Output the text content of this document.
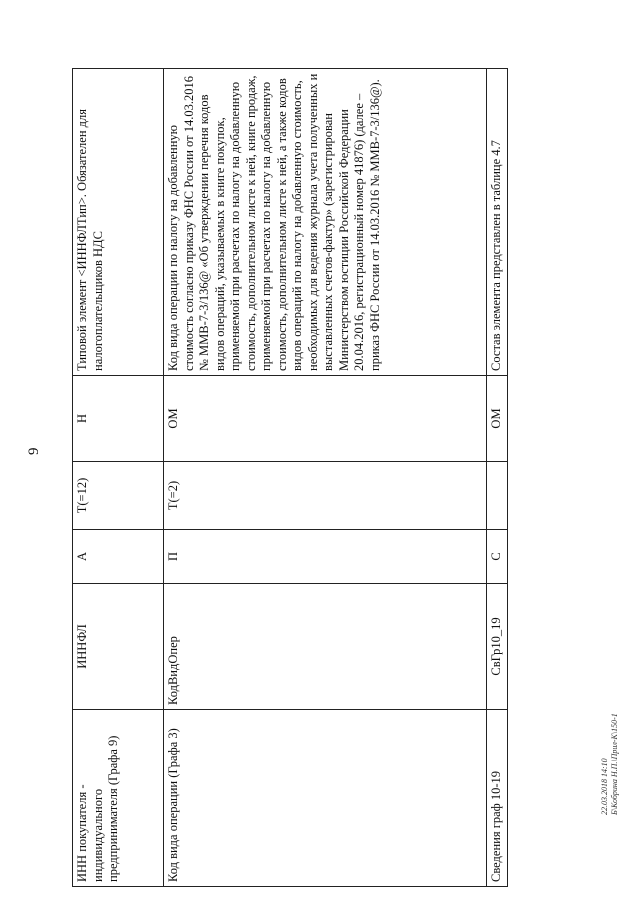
9
ИНН покупателя - индивидуального предпринимателя (Графа 9)	ИННФЛ	А	T(=12)	Н	Типовой элемент <ИННФЛТип>. Обязателен для налогоплательщиков НДС
Код вида операции (Графа 3)	КодВидОпер	П	T(=2)	ОМ	Код вида операции по налогу на добавленную стоимость согласно приказу ФНС России от 14.03.2016 № ММВ-7-3/136@ «Об утверждении перечня кодов видов операций, указываемых в книге покупок, применяемой при расчетах по налогу на добавленную стоимость, дополнительном листе к ней, книге продаж, применяемой при расчетах по налогу на добавленную стоимость, дополнительном листе к ней, а также кодов видов операций по налогу на добавленную стоимость, необходимых для ведения журнала учета полученных и выставленных счетов-фактур» (зарегистрирован Министерством юстиции Российской Федерации 20.04.2016, регистрационный номер 41876) (далее – приказ ФНС России от 14.03.2016 № ММВ-7-3/136@).
Сведения граф 10-19	СвГр10_19	С		ОМ	Состав элемента представлен в таблице 4.7
22.03.2018 14:10 Б\Кобрина Н.П.\Прил-К\150-1
